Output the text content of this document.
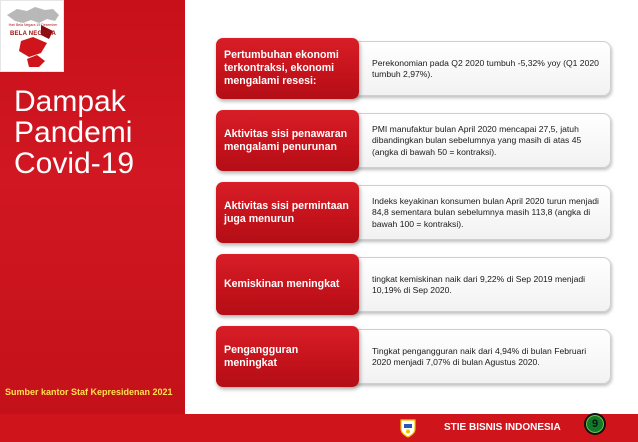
Hari Bela Negara 19 Desember
BELA NEGARA
Dampak
Pandemi
Covid-19
Sumber kantor Staf Kepresidenan 2021
Perekonomian pada Q2 2020 tumbuh -5,32% yoy (Q1 2020 tumbuh 2,97%).
Pertumbuhan ekonomi terkontraksi, ekonomi mengalami resesi:
PMI manufaktur bulan April 2020 mencapai 27,5, jatuh dibandingkan bulan sebelumnya yang masih di atas 45 (angka di bawah 50 = kontraksi).
Aktivitas sisi penawaran mengalami penurunan
Indeks keyakinan konsumen bulan April 2020 turun menjadi 84,8 sementara bulan sebelumnya masih 113,8 (angka di bawah 100 = kontraksi).
Aktivitas sisi permintaan juga menurun
tingkat kemiskinan naik dari 9,22% di Sep 2019 menjadi 10,19% di Sep 2020.
Kemiskinan meningkat
Tingkat pengangguran naik dari 4,94% di bulan Februari 2020 menjadi 7,07% di bulan Agustus 2020.
Pengangguran meningkat
STIE BISNIS INDONESIA	9
